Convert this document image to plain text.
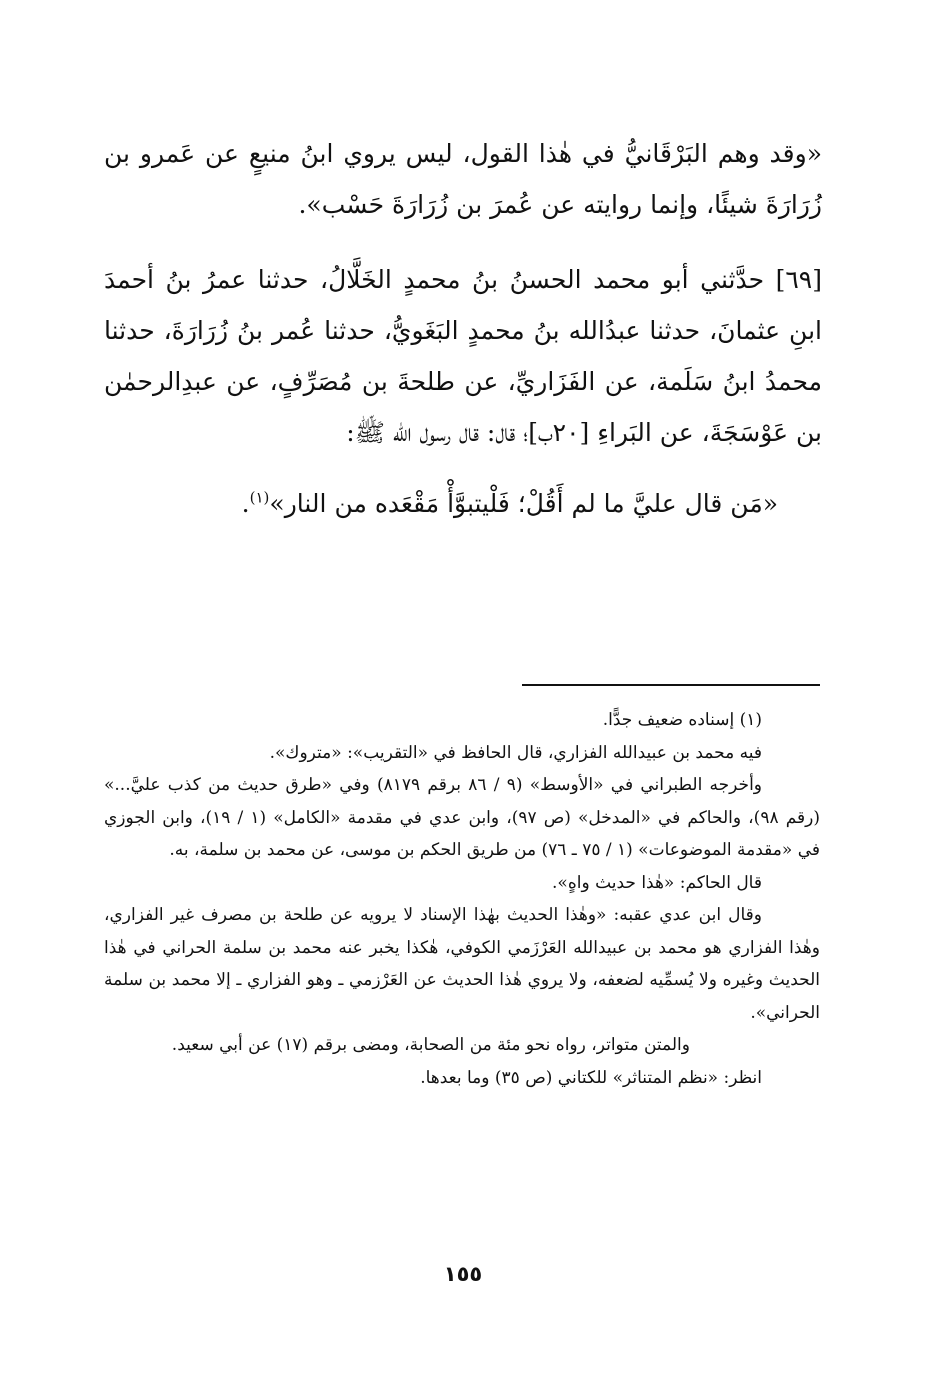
«وقد وهم البَرْقَانيُّ في هٰذا القول، ليس يروي ابنُ منيعٍ عن عَمرو بن زُرَارَةَ شيئًا، وإنما روايته عن عُمرَ بن زُرَارَةَ حَسْب».

[٦٩] حدَّثني أبو محمد الحسنُ بنُ محمدٍ الخَلَّالُ، حدثنا عمرُ بنُ أحمدَ ابنِ عثمانَ، حدثنا عبدُالله بنُ محمدٍ البَغَويُّ، حدثنا عُمر بنُ زُرَارَةَ، حدثنا محمدُ ابنُ سَلَمة، عن الفَزَاريِّ، عن طلحةَ بن مُصَرِّفٍ، عن عبدِالرحمٰن بن عَوْسَجَةَ، عن البَراءِ [٢٠ب]؛ قال: قال رسول الله ﷺ:

«مَن قال عليَّ ما لم أَقُلْ؛ فَلْيتبوَّأْ مَقْعَده من النار»$^{(١)}$.

(١) إسناده ضعيف جدًّا.

فيه محمد بن عبيدالله الفزاري، قال الحافظ في «التقريب»: «متروك».

وأخرجه الطبراني في «الأوسط» (٩ / ٨٦ برقم ٨١٧٩) وفي «طرق حديث من كذب عليَّ...» (رقم ٩٨)، والحاكم في «المدخل» (ص ٩٧)، وابن عدي في مقدمة «الكامل» (١ / ١٩)، وابن الجوزي في «مقدمة الموضوعات» (١ / ٧٥ ـ ٧٦) من طريق الحكم بن موسى، عن محمد بن سلمة، به.

قال الحاكم: «هٰذا حديث واهٍ».

وقال ابن عدي عقبه: «وهٰذا الحديث بهٰذا الإسناد لا يرويه عن طلحة بن مصرف غير الفزاري، وهٰذا الفزاري هو محمد بن عبيدالله العَرْزَمي الكوفي، هٰكذا يخبر عنه محمد بن سلمة الحراني في هٰذا الحديث وغيره ولا يُسمِّيه لضعفه، ولا يروي هٰذا الحديث عن العَرْزمي ـ وهو الفزاري ـ إلا محمد بن سلمة الحراني».

والمتن متواتر، رواه نحو مئة من الصحابة، ومضى برقم (١٧) عن أبي سعيد.

انظر: «نظم المتناثر» للكتاني (ص ٣٥) وما بعدها.

١٥٥
